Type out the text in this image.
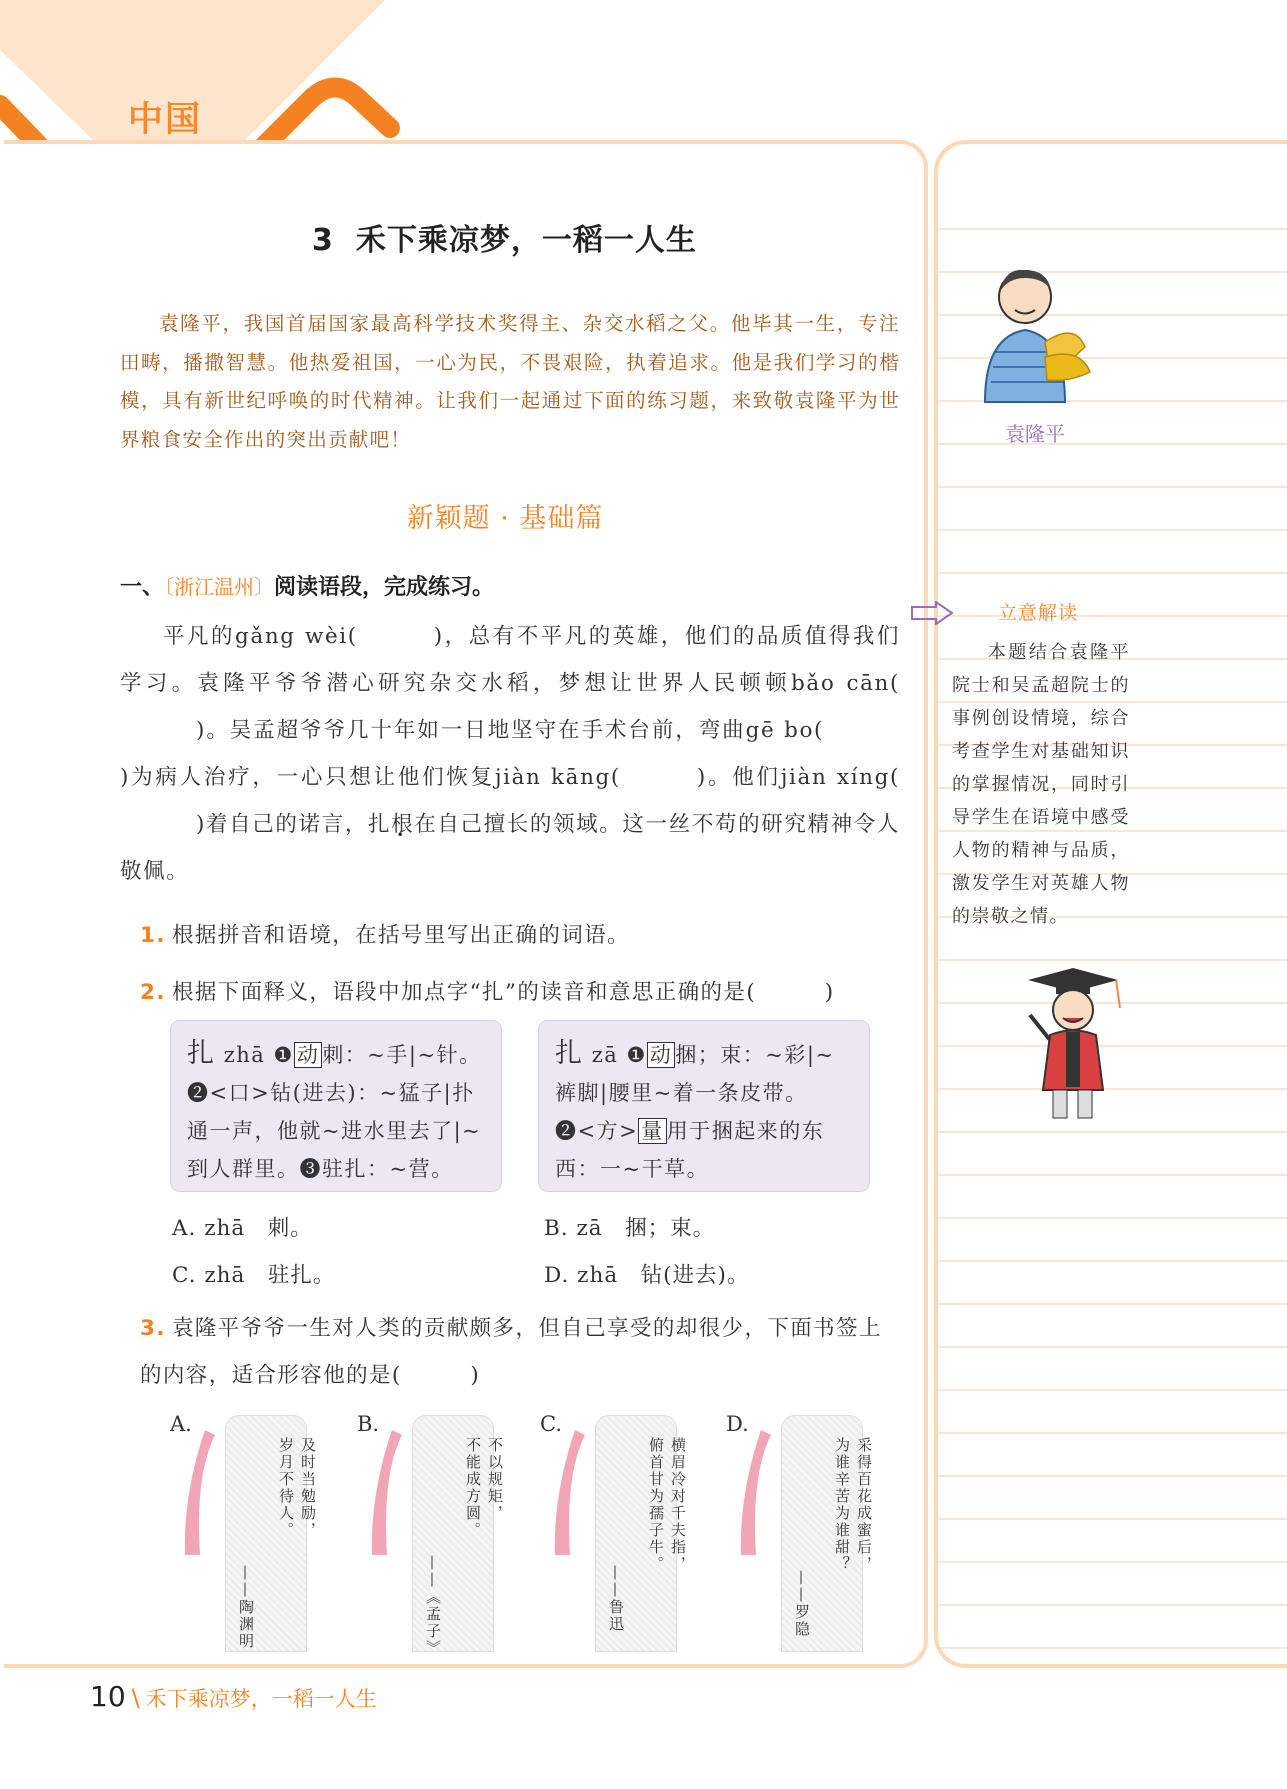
中国
3 禾下乘凉梦，一稻一人生
袁隆平，我国首届国家最高科学技术奖得主、杂交水稻之父。他毕其一生，专注田畴，播撒智慧。他热爱祖国，一心为民，不畏艰险，执着追求。他是我们学习的楷模，具有新世纪呼唤的时代精神。让我们一起通过下面的练习题，来致敬袁隆平为世界粮食安全作出的突出贡献吧！
新颖题 · 基础篇
一、〔浙江温州〕阅读语段，完成练习。
平凡的gǎng wèi(	)，总有不平凡的英雄，他们的品质值得我们学习。袁隆平爷爷潜心研究杂交水稻，梦想让世界人民顿顿bǎo cān()。吴孟超爷爷几十年如一日地坚守在手术台前，弯曲gē bo()为病人治疗，一心只想让他们恢复jiàn kāng(	)。他们jiàn xíng()着自己的诺言，扎根在自己擅长的领域。这一丝不苟的研究精神令人敬佩。
1. 根据拼音和语境，在括号里写出正确的词语。
2. 根据下面释义，语段中加点字“扎”的读音和意思正确的是(　　　)
扎 zhā ❶ 动 刺：~手|~针。 ❷<口>钻(进去)：~猛子|扑通一声，他就~进水里去了|~到人群里。❸驻扎：~营。
扎 zā ❶ 动 捆；束：~彩|~裤脚|腰里~着一条皮带。 ❷<方> 量 用于捆起来的东西：一~干草。
A. zhā　刺。	B. zā　捆；束。
C. zhā　驻扎。	D. zhā　钻(进去)。
3. 袁隆平爷爷一生对人类的贡献颇多，但自己享受的却很少，下面书签上的内容，适合形容他的是(　　　)
A.
及时当勉励，
岁月不待人。
——陶渊明
B.
不以规矩，
不能成方圆。
——《孟子》
C.
横眉冷对千夫指，
俯首甘为孺子牛。
——鲁迅
D.
采得百花成蜜后，
为谁辛苦为谁甜？
——罗隐
袁隆平
立意解读
本题结合袁隆平院士和吴孟超院士的事例创设情境，综合考查学生对基础知识的掌握情况，同时引导学生在语境中感受人物的精神与品质，激发学生对英雄人物的崇敬之情。
10 \ 禾下乘凉梦，一稻一人生
